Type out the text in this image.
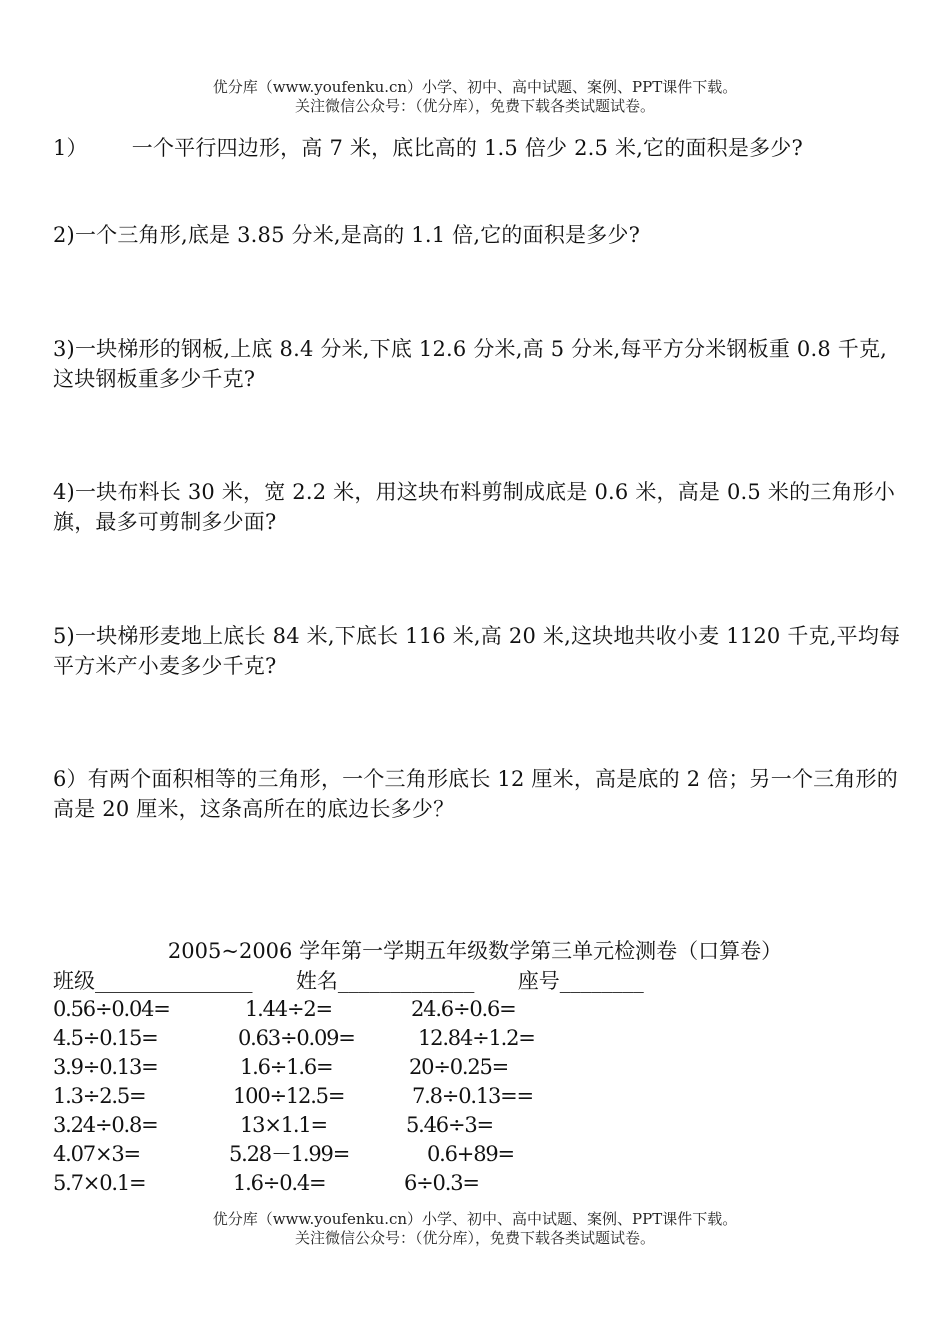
优分库（www.youfenku.cn）小学、初中、高中试题、案例、PPT课件下载。
关注微信公众号：（优分库），免费下载各类试题试卷。
1） 一个平行四边形，高 7 米，底比高的 1.5 倍少 2.5 米,它的面积是多少?
2)一个三角形,底是 3.85 分米,是高的 1.1 倍,它的面积是多少?
3)一块梯形的钢板,上底 8.4 分米,下底 12.6 分米,高 5 分米,每平方分米钢板重 0.8 千克,这块钢板重多少千克?
4)一块布料长 30 米，宽 2.2 米，用这块布料剪制成底是 0.6 米，高是 0.5 米的三角形小旗，最多可剪制多少面?
5)一块梯形麦地上底长 84 米,下底长 116 米,高 20 米,这块地共收小麦 1120 千克,平均每平方米产小麦多少千克?
6）有两个面积相等的三角形，一个三角形底长 12 厘米，高是底的 2 倍；另一个三角形的高是 20 厘米，这条高所在的底边长多少？
2005~2006 学年第一学期五年级数学第三单元检测卷（口算卷）
班级_______________ 姓名_____________ 座号________
0.56÷0.04=	1.44÷2=	24.6÷0.6=
4.5÷0.15=	0.63÷0.09=	12.84÷1.2=
3.9÷0.13=	1.6÷1.6=	20÷0.25=
1.3÷2.5=	100÷12.5=	7.8÷0.13==
3.24÷0.8=	13×1.1=	5.46÷3=
4.07×3=	5.28－1.99=	0.6+89=
5.7×0.1=	1.6÷0.4=	6÷0.3=
优分库（www.youfenku.cn）小学、初中、高中试题、案例、PPT课件下载。
关注微信公众号：（优分库），免费下载各类试题试卷。
